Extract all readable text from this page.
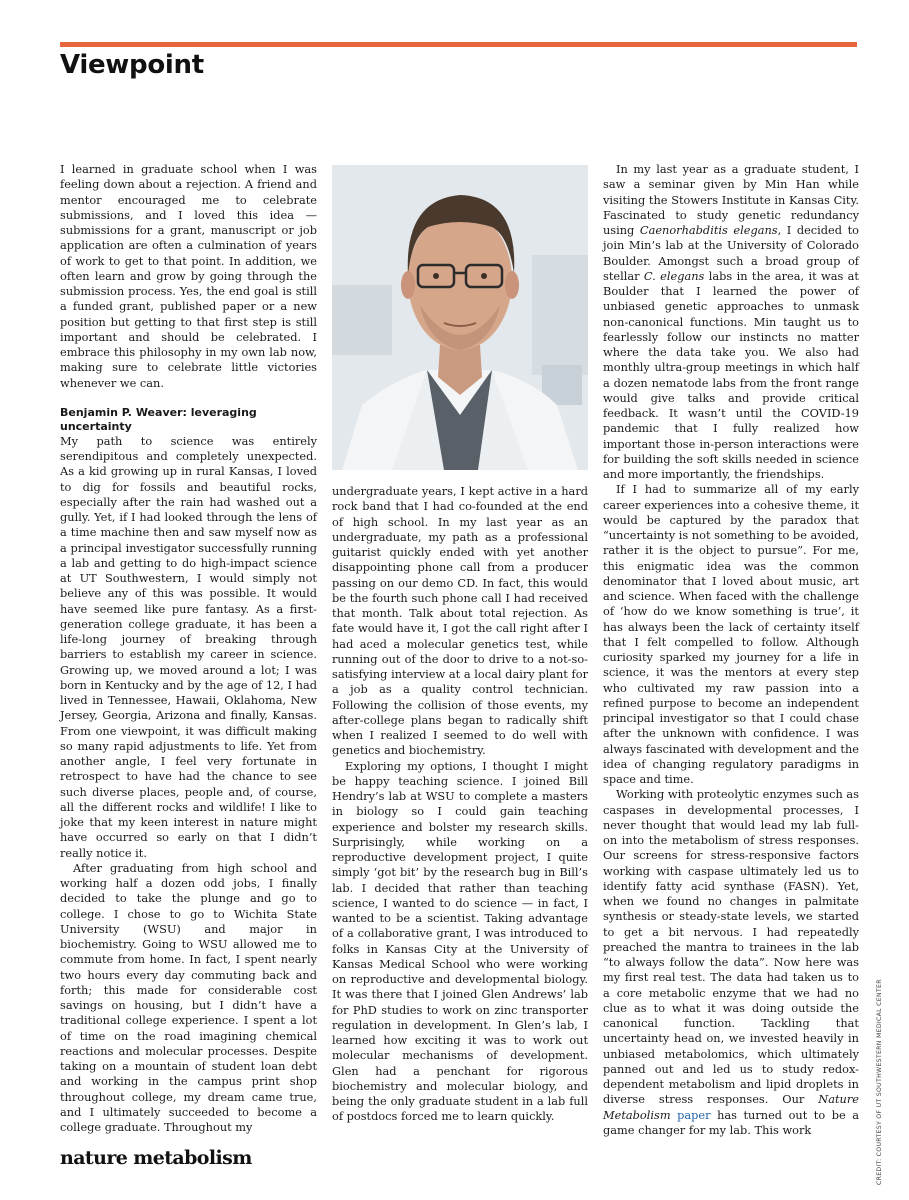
Viewpoint

I learned in graduate school when I was feeling down about a rejection. A friend and mentor encouraged me to celebrate submissions, and I loved this idea — submissions for a grant, manuscript or job application are often a culmination of years of work to get to that point. In addition, we often learn and grow by going through the submission process. Yes, the end goal is still a funded grant, published paper or a new position but getting to that first step is still important and should be celebrated. I embrace this philosophy in my own lab now, making sure to celebrate little victories whenever we can.

Benjamin P. Weaver: leveraging uncertainty

My path to science was entirely serendipitous and completely unexpected. As a kid growing up in rural Kansas, I loved to dig for fossils and beautiful rocks, especially after the rain had washed out a gully. Yet, if I had looked through the lens of a time machine then and saw myself now as a principal investigator successfully running a lab and getting to do high-impact science at UT Southwestern, I would simply not believe any of this was possible. It would have seemed like pure fantasy. As a first-generation college graduate, it has been a life-long journey of breaking through barriers to establish my career in science. Growing up, we moved around a lot; I was born in Kentucky and by the age of 12, I had lived in Tennessee, Hawaii, Oklahoma, New Jersey, Georgia, Arizona and finally, Kansas. From one viewpoint, it was difficult making so many rapid adjustments to life. Yet from another angle, I feel very fortunate in retrospect to have had the chance to see such diverse places, people and, of course, all the different rocks and wildlife! I like to joke that my keen interest in nature might have occurred so early on that I didn’t really notice it.

After graduating from high school and working half a dozen odd jobs, I finally decided to take the plunge and go to college. I chose to go to Wichita State University (WSU) and major in biochemistry. Going to WSU allowed me to commute from home. In fact, I spent nearly two hours every day commuting back and forth; this made for considerable cost savings on housing, but I didn’t have a traditional college experience. I spent a lot of time on the road imagining chemical reactions and molecular processes. Despite taking on a mountain of student loan debt and working in the campus print shop throughout college, my dream came true, and I ultimately succeeded to become a college graduate. Throughout my

undergraduate years, I kept active in a hard rock band that I had co-founded at the end of high school. In my last year as an undergraduate, my path as a professional guitarist quickly ended with yet another disappointing phone call from a producer passing on our demo CD. In fact, this would be the fourth such phone call I had received that month. Talk about total rejection. As fate would have it, I got the call right after I had aced a molecular genetics test, while running out of the door to drive to a not-so-satisfying interview at a local dairy plant for a job as a quality control technician. Following the collision of those events, my after-college plans began to radically shift when I realized I seemed to do well with genetics and biochemistry.

Exploring my options, I thought I might be happy teaching science. I joined Bill Hendry’s lab at WSU to complete a masters in biology so I could gain teaching experience and bolster my research skills. Surprisingly, while working on a reproductive development project, I quite simply ‘got bit’ by the research bug in Bill’s lab. I decided that rather than teaching science, I wanted to do science — in fact, I wanted to be a scientist. Taking advantage of a collaborative grant, I was introduced to folks in Kansas City at the University of Kansas Medical School who were working on reproductive and developmental biology. It was there that I joined Glen Andrews’ lab for PhD studies to work on zinc transporter regulation in development. In Glen’s lab, I learned how exciting it was to work out molecular mechanisms of development. Glen had a penchant for rigorous biochemistry and molecular biology, and being the only graduate student in a lab full of postdocs forced me to learn quickly.

In my last year as a graduate student, I saw a seminar given by Min Han while visiting the Stowers Institute in Kansas City. Fascinated to study genetic redundancy using Caenorhabditis elegans, I decided to join Min’s lab at the University of Colorado Boulder. Amongst such a broad group of stellar C. elegans labs in the area, it was at Boulder that I learned the power of unbiased genetic approaches to unmask non-canonical functions. Min taught us to fearlessly follow our instincts no matter where the data take you. We also had monthly ultra-group meetings in which half a dozen nematode labs from the front range would give talks and provide critical feedback. It wasn’t until the COVID-19 pandemic that I fully realized how important those in-person interactions were for building the soft skills needed in science and more importantly, the friendships.

If I had to summarize all of my early career experiences into a cohesive theme, it would be captured by the paradox that “uncertainty is not something to be avoided, rather it is the object to pursue”. For me, this enigmatic idea was the common denominator that I loved about music, art and science. When faced with the challenge of ‘how do we know something is true’, it has always been the lack of certainty itself that I felt compelled to follow. Although curiosity sparked my journey for a life in science, it was the mentors at every step who cultivated my raw passion into a refined purpose to become an independent principal investigator so that I could chase after the unknown with confidence. I was always fascinated with development and the idea of changing regulatory paradigms in space and time.

Working with proteolytic enzymes such as caspases in developmental processes, I never thought that would lead my lab full-on into the metabolism of stress responses. Our screens for stress-responsive factors working with caspase ultimately led us to identify fatty acid synthase (FASN). Yet, when we found no changes in palmitate synthesis or steady-state levels, we started to get a bit nervous. I had repeatedly preached the mantra to trainees in the lab “to always follow the data”. Now here was my first real test. The data had taken us to a core metabolic enzyme that we had no clue as to what it was doing outside the canonical function. Tackling that uncertainty head on, we invested heavily in unbiased metabolomics, which ultimately panned out and led us to study redox-dependent metabolism and lipid droplets in diverse stress responses. Our Nature Metabolism paper has turned out to be a game changer for my lab. This work	CREDIT: COURTESY OF UT SOUTHWESTERN MEDICAL CENTER
nature metabolism
